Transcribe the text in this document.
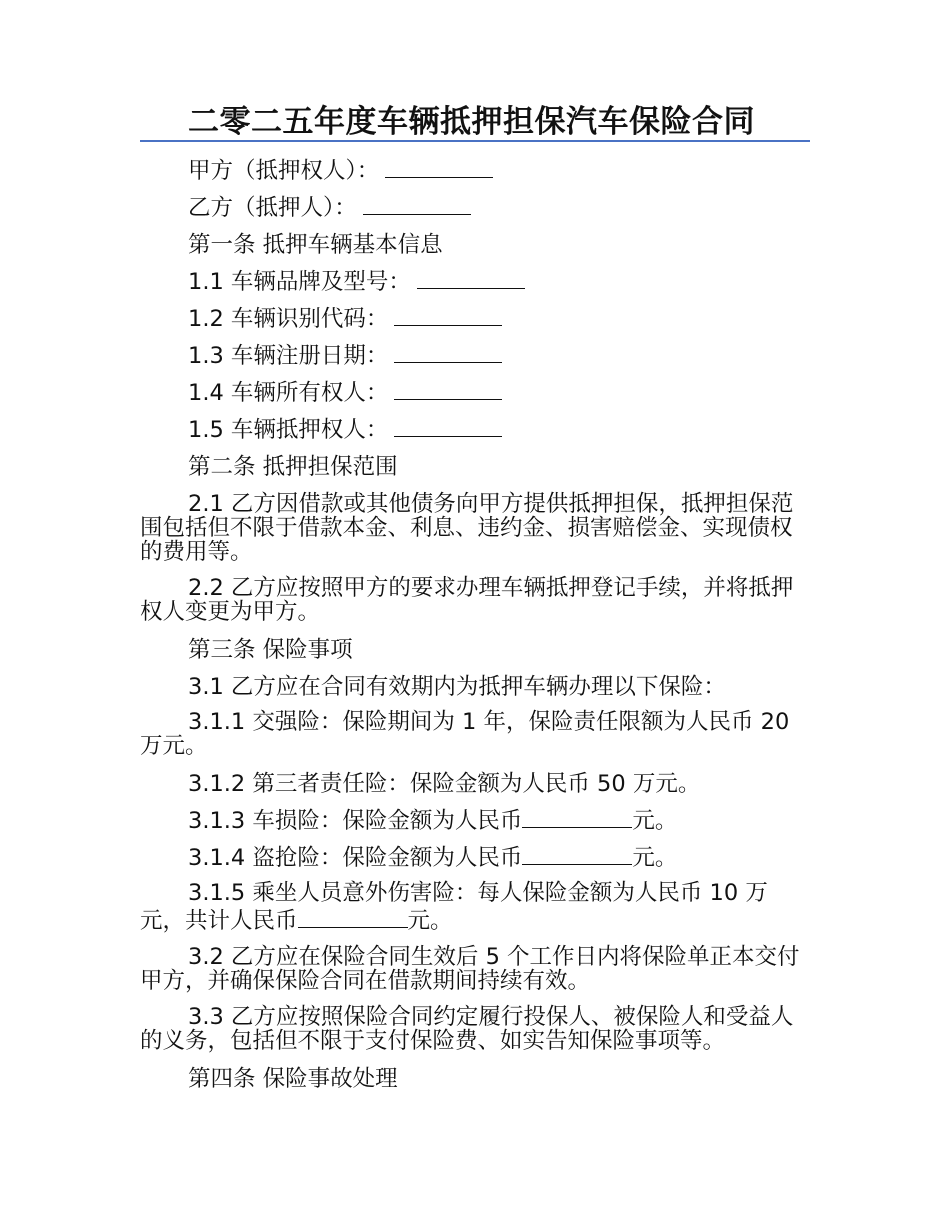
二零二五年度车辆抵押担保汽车保险合同

甲方（抵押权人）：

乙方（抵押人）：

第一条 抵押车辆基本信息

1.1 车辆品牌及型号：

1.2 车辆识别代码：

1.3 车辆注册日期：

1.4 车辆所有权人：

1.5 车辆抵押权人：

第二条 抵押担保范围

2.1 乙方因借款或其他债务向甲方提供抵押担保，抵押担保范围包括但不限于借款本金、利息、违约金、损害赔偿金、实现债权的费用等。

2.2 乙方应按照甲方的要求办理车辆抵押登记手续，并将抵押权人变更为甲方。

第三条 保险事项

3.1 乙方应在合同有效期内为抵押车辆办理以下保险：

3.1.1 交强险：保险期间为 1 年，保险责任限额为人民币 20 万元。

3.1.2 第三者责任险：保险金额为人民币 50 万元。

3.1.3 车损险：保险金额为人民币	元。

3.1.4 盗抢险：保险金额为人民币	元。

3.1.5 乘坐人员意外伤害险：每人保险金额为人民币 10 万元，共计人民币	元。

3.2 乙方应在保险合同生效后 5 个工作日内将保险单正本交付甲方，并确保保险合同在借款期间持续有效。

3.3 乙方应按照保险合同约定履行投保人、被保险人和受益人的义务，包括但不限于支付保险费、如实告知保险事项等。

第四条 保险事故处理
